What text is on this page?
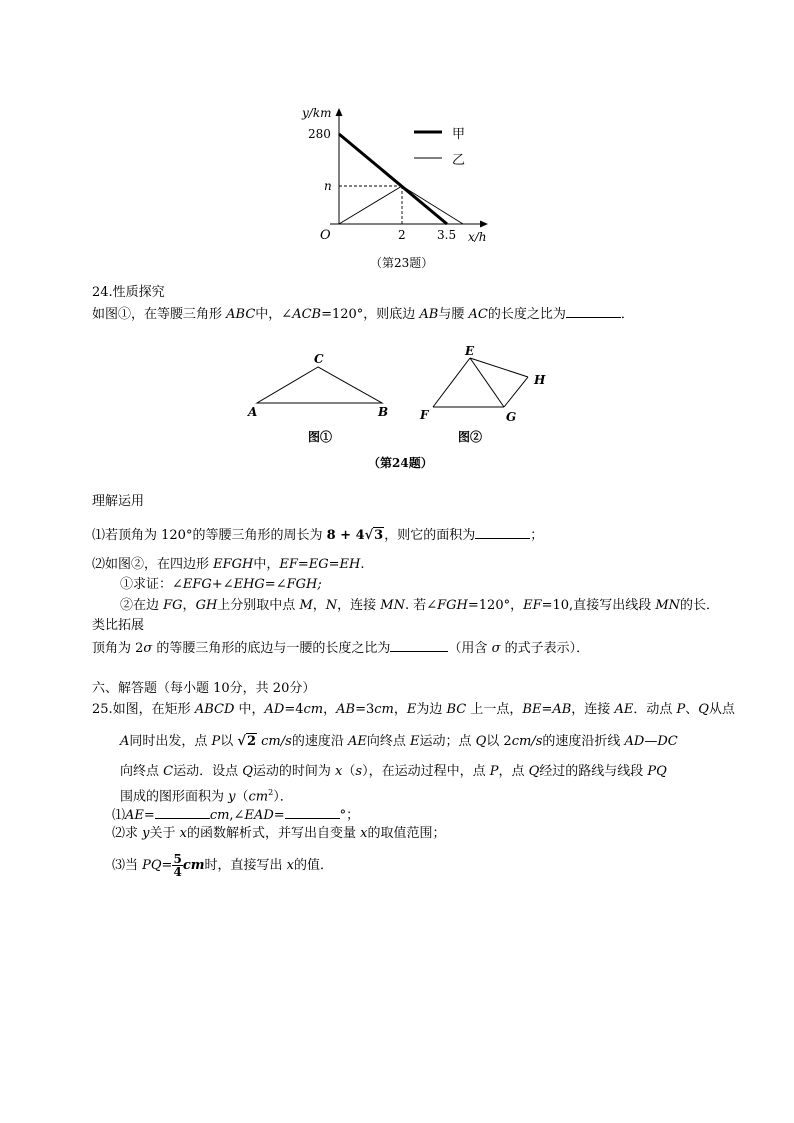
y/km
280
n
O	2	3.5 x/h
甲
乙
（第23题）
24.性质探究
如图①，在等腰三角形 ABC中，∠ACB=120°，则底边 AB与腰 AC的长度之比为	．
C
A	B
图①
E
H
F	G
图②
（第24题）
理解运用
⑴若顶角为 120°的等腰三角形的周长为 8 + 4√3，则它的面积为	；
⑵如图②，在四边形 EFGH中，EF=EG=EH.
①求证：∠EFG+∠EHG=∠FGH;
②在边 FG，GH上分别取中点 M，N，连接 MN. 若∠FGH=120°，EF=10,直接写出线段 MN的长．
类比拓展
顶角为 2σ 的等腰三角形的底边与一腰的长度之比为	（用含 σ 的式子表示）．
六、解答题（每小题 10分，共 20分）
25.如图，在矩形 ABCD 中，AD=4cm，AB=3cm，E为边 BC 上一点，BE=AB，连接 AE．动点 P、Q从点
A同时出发，点 P以 √2 cm/s的速度沿 AE向终点 E运动；点 Q以 2cm/s的速度沿折线 AD—DC
向终点 C运动．设点 Q运动的时间为 x（s），在运动过程中，点 P，点 Q经过的路线与线段 PQ
围成的图形面积为 $y(cm^2)$．
⑴AE=	cm,∠EAD=	°；
⑵求 y关于 x的函数解析式，并写出自变量 x的取值范围；
⑶当 $PQ= \frac{5}{4}$ cm时，直接写出 x的值．
